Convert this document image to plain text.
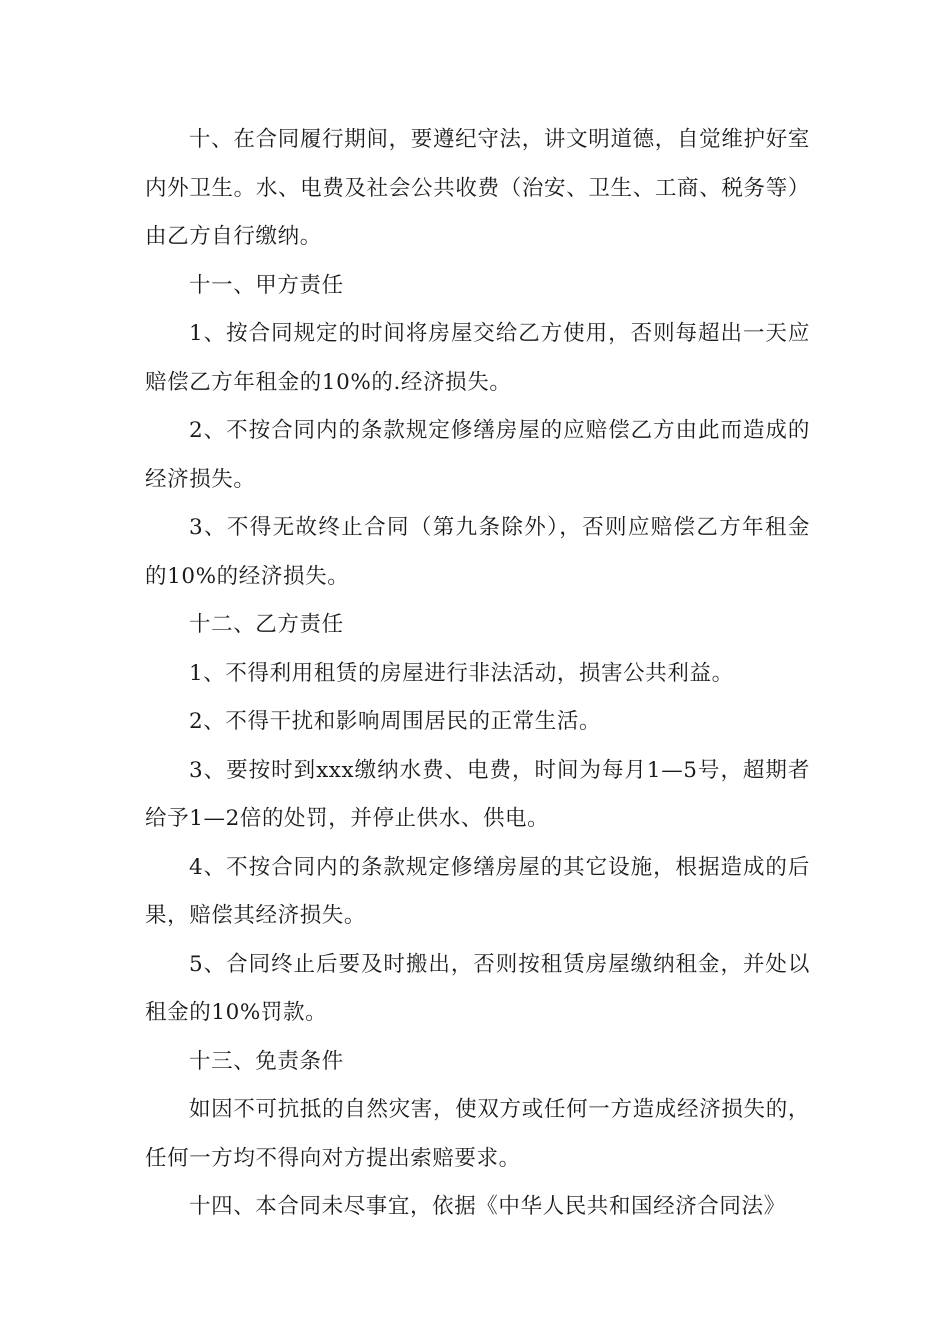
十、在合同履行期间，要遵纪守法，讲文明道德，自觉维护好室内外卫生。水、电费及社会公共收费（治安、卫生、工商、税务等）由乙方自行缴纳。

十一、甲方责任

1、按合同规定的时间将房屋交给乙方使用，否则每超出一天应赔偿乙方年租金的10%的.经济损失。

2、不按合同内的条款规定修缮房屋的应赔偿乙方由此而造成的经济损失。

3、不得无故终止合同（第九条除外），否则应赔偿乙方年租金的10%的经济损失。

十二、乙方责任

1、不得利用租赁的房屋进行非法活动，损害公共利益。

2、不得干扰和影响周围居民的正常生活。

3、要按时到xxx缴纳水费、电费，时间为每月1—5号，超期者给予1—2倍的处罚，并停止供水、供电。

4、不按合同内的条款规定修缮房屋的其它设施，根据造成的后果，赔偿其经济损失。

5、合同终止后要及时搬出，否则按租赁房屋缴纳租金，并处以租金的10%罚款。

十三、免责条件

如因不可抗抵的自然灾害，使双方或任何一方造成经济损失的，任何一方均不得向对方提出索赔要求。

十四、本合同未尽事宜，依据《中华人民共和国经济合同法》
